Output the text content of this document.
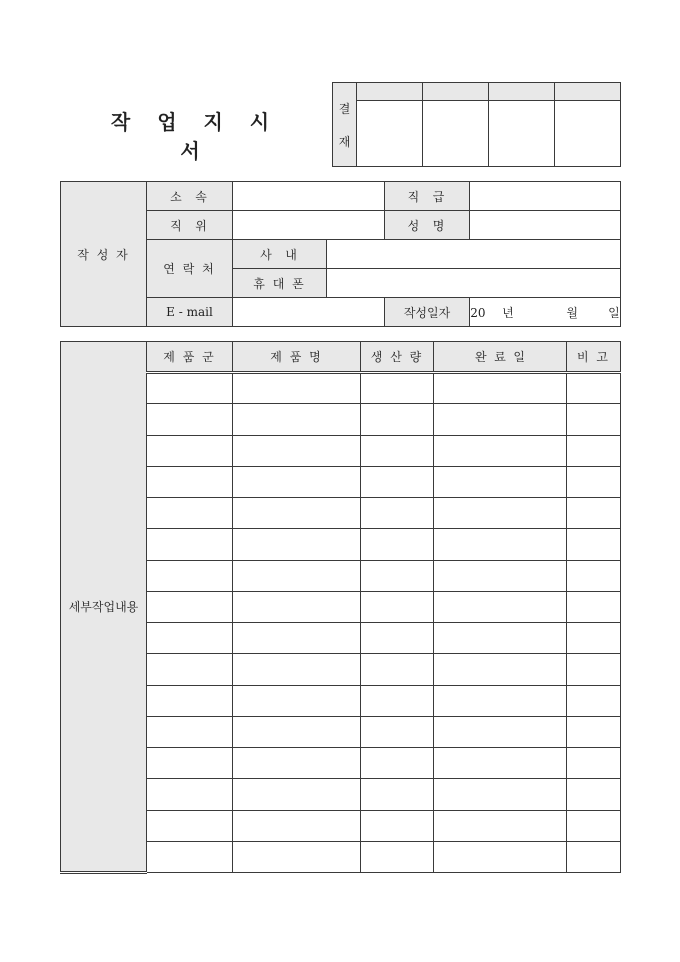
작 업 지 시 서
결
재				

작 성 자	소  속			직  급	
	직  위			성  명	
	연 락 처	사  내			
		휴 대 폰			
	E - mail			작성일자	20 년 월 일
세부작업내용	제 품 군	제 품 명	생 산 량	완  료  일	비 고
